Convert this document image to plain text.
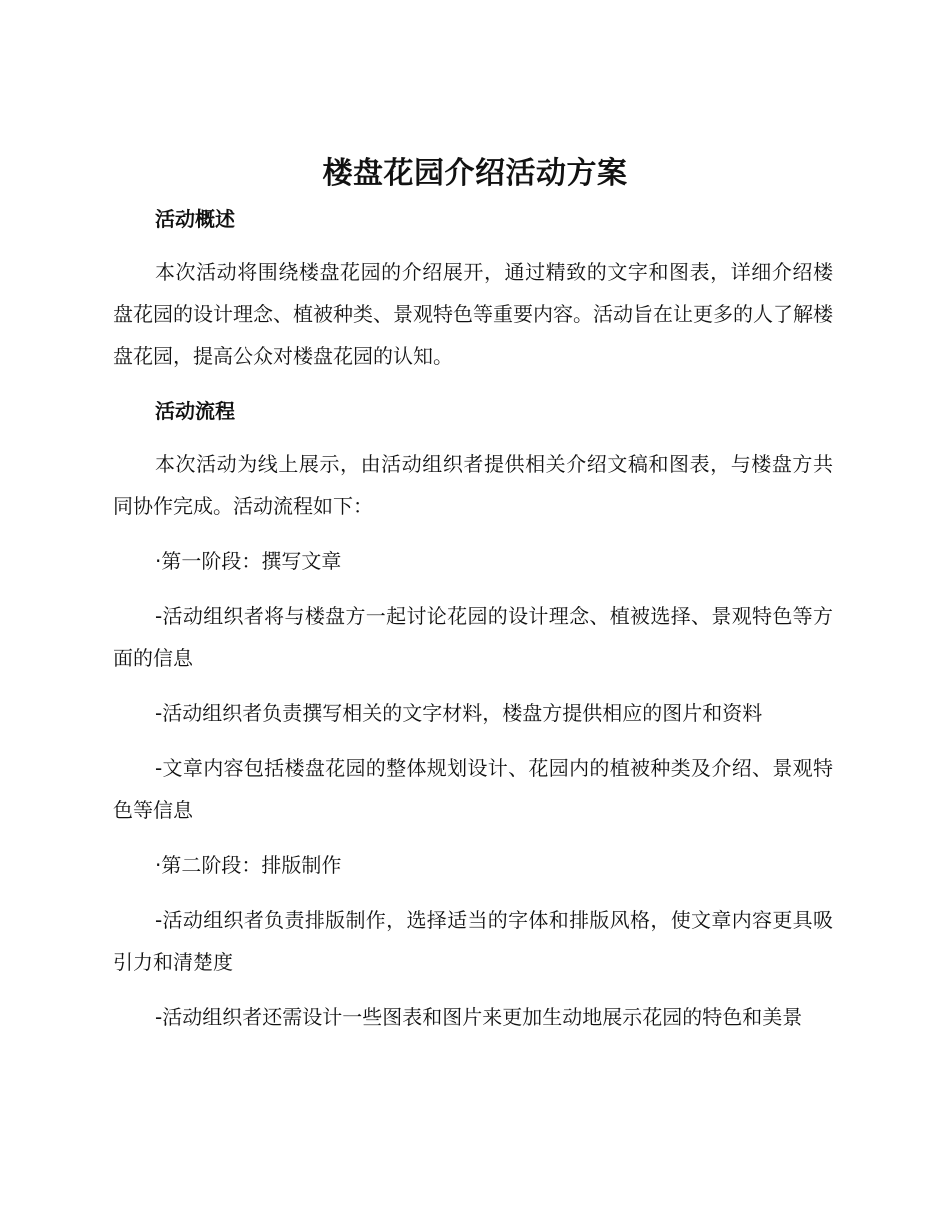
楼盘花园介绍活动方案

活动概述

本次活动将围绕楼盘花园的介绍展开，通过精致的文字和图表，详细介绍楼盘花园的设计理念、植被种类、景观特色等重要内容。活动旨在让更多的人了解楼盘花园，提高公众对楼盘花园的认知。

活动流程

本次活动为线上展示，由活动组织者提供相关介绍文稿和图表，与楼盘方共同协作完成。活动流程如下：

·第一阶段：撰写文章

-活动组织者将与楼盘方一起讨论花园的设计理念、植被选择、景观特色等方面的信息

-活动组织者负责撰写相关的文字材料，楼盘方提供相应的图片和资料

-文章内容包括楼盘花园的整体规划设计、花园内的植被种类及介绍、景观特色等信息

·第二阶段：排版制作

-活动组织者负责排版制作，选择适当的字体和排版风格，使文章内容更具吸引力和清楚度

-活动组织者还需设计一些图表和图片来更加生动地展示花园的特色和美景
